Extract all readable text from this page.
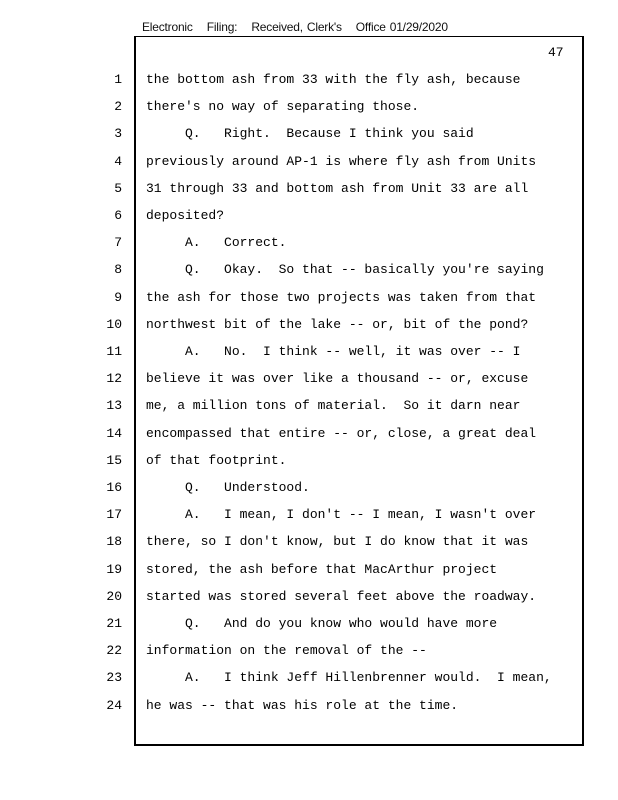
Electronic Filing: Received, Clerk's Office 01/29/2020
47
1 the bottom ash from 33 with the fly ash, because
2 there's no way of separating those.
3 Q.   Right.  Because I think you said
4 previously around AP-1 is where fly ash from Units
5 31 through 33 and bottom ash from Unit 33 are all
6 deposited?
7 A.   Correct.
8 Q.   Okay.  So that -- basically you're saying
9 the ash for those two projects was taken from that
10 northwest bit of the lake -- or, bit of the pond?
11 A.   No.  I think -- well, it was over -- I
12 believe it was over like a thousand -- or, excuse
13 me, a million tons of material.  So it darn near
14 encompassed that entire -- or, close, a great deal
15 of that footprint.
16 Q.   Understood.
17 A.   I mean, I don't -- I mean, I wasn't over
18 there, so I don't know, but I do know that it was
19 stored, the ash before that MacArthur project
20 started was stored several feet above the roadway.
21 Q.   And do you know who would have more
22 information on the removal of the --
23 A.   I think Jeff Hillenbrenner would.  I mean,
24 he was -- that was his role at the time.
